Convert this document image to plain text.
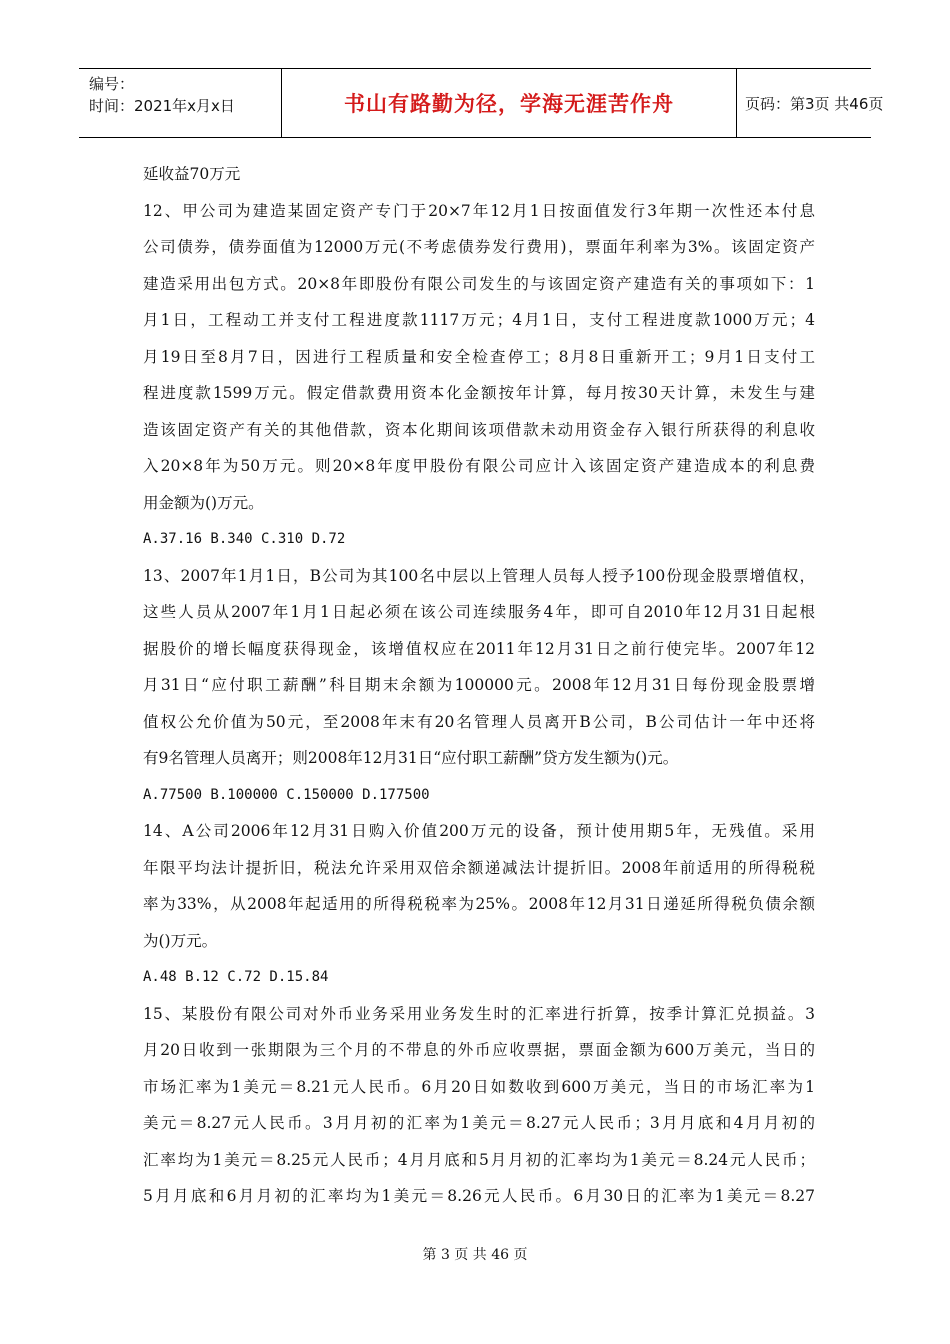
编号：
时间：2021年x月x日	书山有路勤为径，学海无涯苦作舟	页码：第3页 共46页
延收益70万元
12、甲公司为建造某固定资产专门于20×7年12月1日按面值发行3年期一次性还本付息
公司债券，债券面值为12000万元(不考虑债券发行费用)，票面年利率为3%。该固定资产
建造采用出包方式。20×8年即股份有限公司发生的与该固定资产建造有关的事项如下：1
月1日，工程动工并支付工程进度款1117万元；4月1日，支付工程进度款1000万元；4
月19日至8月7日，因进行工程质量和安全检查停工；8月8日重新开工；9月1日支付工
程进度款1599万元。假定借款费用资本化金额按年计算，每月按30天计算，未发生与建
造该固定资产有关的其他借款，资本化期间该项借款未动用资金存入银行所获得的利息收
入20×8年为50万元。则20×8年度甲股份有限公司应计入该固定资产建造成本的利息费
用金额为()万元。
A.37.16 B.340 C.310 D.72
13、2007年1月1日，B公司为其100名中层以上管理人员每人授予100份现金股票增值权，
这些人员从2007年1月1日起必须在该公司连续服务4年，即可自2010年12月31日起根
据股价的增长幅度获得现金，该增值权应在2011年12月31日之前行使完毕。2007年12
月31日“应付职工薪酬”科目期末余额为100000元。2008年12月31日每份现金股票增
值权公允价值为50元，至2008年末有20名管理人员离开B公司，B公司估计一年中还将
有9名管理人员离开；则2008年12月31日“应付职工薪酬”贷方发生额为()元。
A.77500 B.100000 C.150000 D.177500
14、A公司2006年12月31日购入价值200万元的设备，预计使用期5年，无残值。采用
年限平均法计提折旧，税法允许采用双倍余额递减法计提折旧。2008年前适用的所得税税
率为33%，从2008年起适用的所得税税率为25%。2008年12月31日递延所得税负债余额
为()万元。
A.48 B.12 C.72 D.15.84
15、某股份有限公司对外币业务采用业务发生时的汇率进行折算，按季计算汇兑损益。3
月20日收到一张期限为三个月的不带息的外币应收票据，票面金额为600万美元，当日的
市场汇率为1美元＝8.21元人民币。6月20日如数收到600万美元，当日的市场汇率为1
美元＝8.27元人民币。3月月初的汇率为1美元＝8.27元人民币；3月月底和4月月初的
汇率均为1美元＝8.25元人民币；4月月底和5月月初的汇率均为1美元＝8.24元人民币；
5月月底和6月月初的汇率均为1美元＝8.26元人民币。6月30日的汇率为1美元＝8.27
第 3 页 共 46 页
